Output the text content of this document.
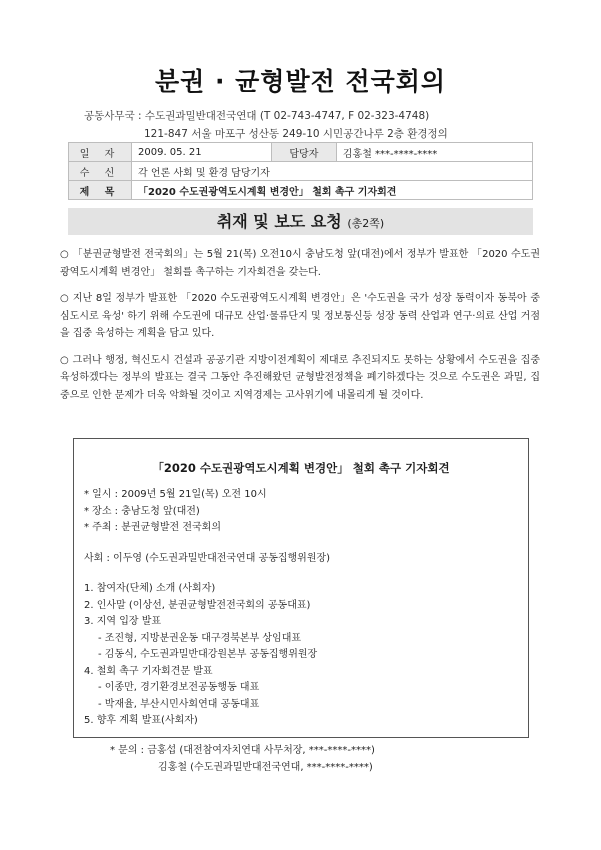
분권 · 균형발전 전국회의
공동사무국 : 수도권과밀반대전국연대 (T 02-743-4747, F 02-323-4748)
121-847 서울 마포구 성산동 249-10 시민공간나루 2층 환경정의
일 자	2009. 05. 21	담당자	김홍철 ***-****-****
수 신	각 언론 사회 및 환경 담당기자		
제 목	「2020 수도권광역도시계획 변경안」 철회 촉구 기자회견		
취재 및 보도 요청 (총2쪽)

○ 「분권균형발전 전국회의」는 5월 21(목) 오전10시 충남도청 앞(대전)에서 정부가 발표한 「2020 수도권광역도시계획 변경안」 철회를 촉구하는 기자회견을 갖는다.

○ 지난 8일 정부가 발표한 「2020 수도권광역도시계획 변경안」은 '수도권을 국가 성장 동력이자 동북아 중심도시로 육성' 하기 위해 수도권에 대규모 산업·물류단지 및 정보통신등 성장 동력 산업과 연구·의료 산업 거점을 집중 육성하는 계획을 담고 있다.

○ 그러나 행정, 혁신도시 건설과 공공기관 지방이전계획이 제대로 추진되지도 못하는 상황에서 수도권을 집중 육성하겠다는 정부의 발표는 결국 그동안 추진해왔던 균형발전정책을 폐기하겠다는 것으로 수도권은 과밀, 집중으로 인한 문제가 더욱 악화될 것이고 지역경제는 고사위기에 내몰리게 될 것이다.

「2020 수도권광역도시계획 변경안」 철회 촉구 기자회견
* 일시 : 2009년 5월 21일(목) 오전 10시
* 장소 : 충남도청 앞(대전)
* 주최 : 분권균형발전 전국회의
사회 : 이두영 (수도권과밀반대전국연대 공동집행위원장)
1. 참여자(단체) 소개 (사회자)
2. 인사말 (이상선, 분권균형발전전국회의 공동대표)
3. 지역 입장 발표
- 조진형, 지방분권운동 대구경북본부 상임대표
- 김동식, 수도권과밀반대강원본부 공동집행위원장
4. 철회 촉구 기자회견문 발표
- 이종만, 경기환경보전공동행동 대표
- 박재율, 부산시민사회연대 공동대표
5. 향후 계획 발표(사회자)
* 문의 : 금홍섭 (대전참여자치연대 사무처장, ***-****-****)
김홍철 (수도권과밀반대전국연대, ***-****-****)
